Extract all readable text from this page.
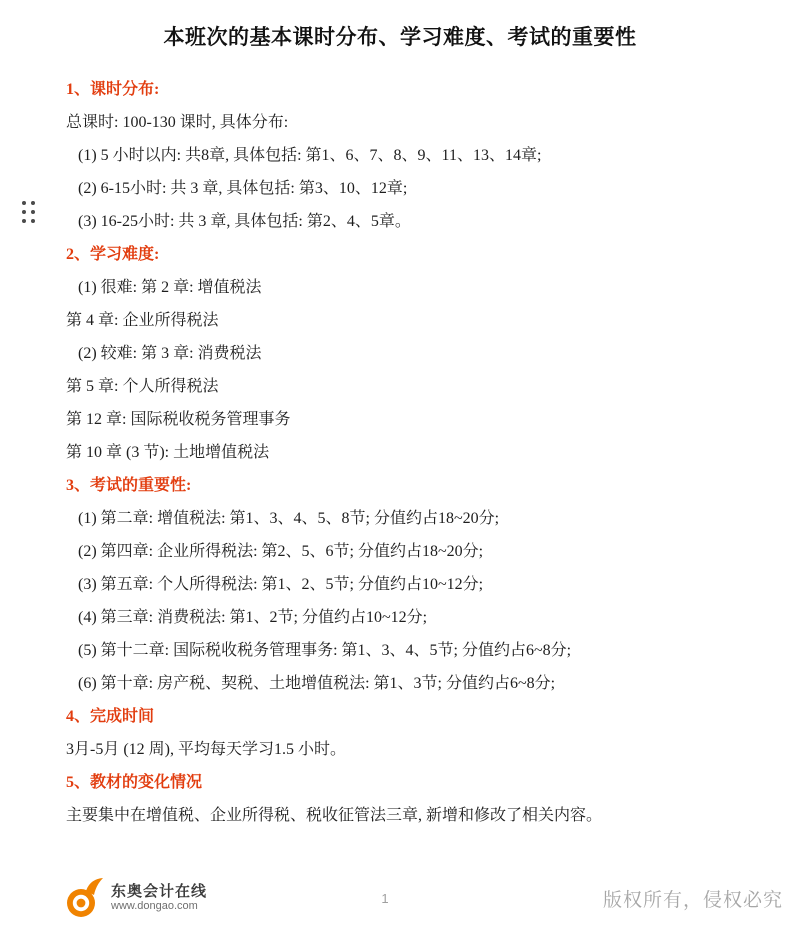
本班次的基本课时分布、学习难度、考试的重要性
1、课时分布:
总课时: 100-130 课时, 具体分布:
(1) 5 小时以内: 共8章, 具体包括: 第1、6、7、8、9、11、13、14章;
(2) 6-15小时: 共 3 章, 具体包括: 第3、10、12章;
(3) 16-25小时: 共 3 章, 具体包括: 第2、4、5章。
2、学习难度:
(1) 很难: 第 2 章: 增值税法
第 4 章: 企业所得税法
(2) 较难: 第 3 章: 消费税法
第 5 章: 个人所得税法
第 12 章: 国际税收税务管理事务
第 10 章 (3 节): 土地增值税法
3、考试的重要性:
(1) 第二章: 增值税法: 第1、3、4、5、8节; 分值约占18~20分;
(2) 第四章: 企业所得税法: 第2、5、6节; 分值约占18~20分;
(3) 第五章: 个人所得税法: 第1、2、5节; 分值约占10~12分;
(4) 第三章: 消费税法: 第1、2节; 分值约占10~12分;
(5) 第十二章: 国际税收税务管理事务: 第1、3、4、5节; 分值约占6~8分;
(6) 第十章: 房产税、契税、土地增值税法: 第1、3节; 分值约占6~8分;
4、完成时间
3月-5月 (12 周), 平均每天学习1.5 小时。
5、教材的变化情况
主要集中在增值税、企业所得税、税收征管法三章, 新增和修改了相关内容。
东奥会计在线
www.dongao.com
1	版权所有，侵权必究
